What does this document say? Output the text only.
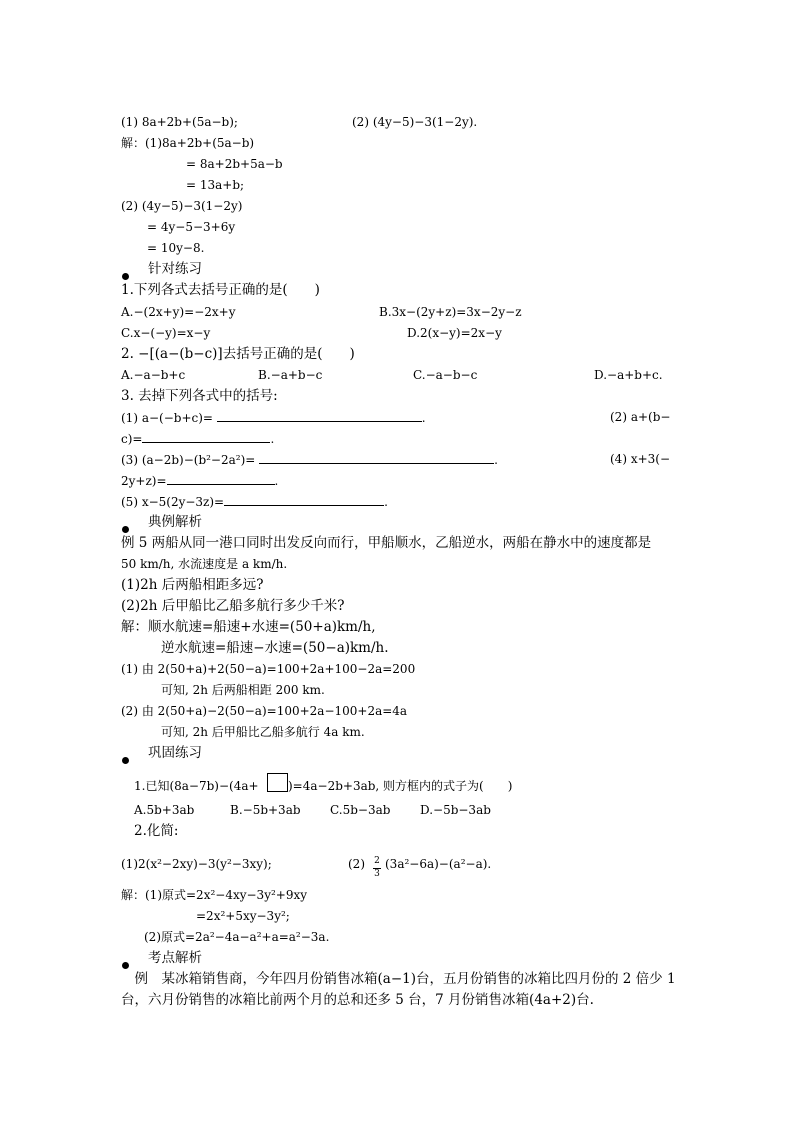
2
3
(1) 8a+2b+(5a−b);	(2) (4y−5)−3(1−2y).
解：(1)8a+2b+(5a−b)
= 8a+2b+5a−b
= 13a+b;
(2) (4y−5)−3(1−2y)
= 4y−5−3+6y
= 10y−8.
针对练习
1.下列各式去括号正确的是(　　)
A.−(2x+y)=−2x+y	B.3x−(2y+z)=3x−2y−z
C.x−(−y)=x−y	D.2(x−y)=2x−y
2. −[(a−(b−c)]去括号正确的是(　　)
A.−a−b+c	B.−a+b−c	C.−a−b−c	D.−a+b+c.
3. 去掉下列各式中的括号:
(1) a−(−b+c)=	.	(2) a+(b−
c)=	.
(3) (a−2b)−(b²−2a²)=	.	(4) x+3(−
2y+z)=	.
(5) x−5(2y−3z)=	.
典例解析
例 5 两船从同一港口同时出发反向而行，甲船顺水，乙船逆水，两船在静水中的速度都是
50 km/h, 水流速度是 a km/h.
(1)2h 后两船相距多远?
(2)2h 后甲船比乙船多航行多少千米?
解：顺水航速=船速+水速=(50+a)km/h,
逆水航速=船速−水速=(50−a)km/h.
(1) 由 2(50+a)+2(50−a)=100+2a+100−2a=200
可知, 2h 后两船相距 200 km.
(2) 由 2(50+a)−2(50−a)=100+2a−100+2a=4a
可知, 2h 后甲船比乙船多航行 4a km.
巩固练习
1.已知(8a−7b)−(4a+ )=4a−2b+3ab, 则方框内的式子为(　　)
A.5b+3ab	B.−5b+3ab C.5b−3ab D.−5b−3ab
2.化简:
(1)2(x²−2xy)−3(y²−3xy);	(2) (3a²−6a)−(a²−a).
解：(1)原式=2x²−4xy−3y²+9xy
=2x²+5xy−3y²;
(2)原式=2a²−4a−a²+a=a²−3a.
考点解析
　例　某冰箱销售商，今年四月份销售冰箱(a−1)台，五月份销售的冰箱比四月份的 2 倍少 1
台，六月份销售的冰箱比前两个月的总和还多 5 台，7 月份销售冰箱(4a+2)台.
